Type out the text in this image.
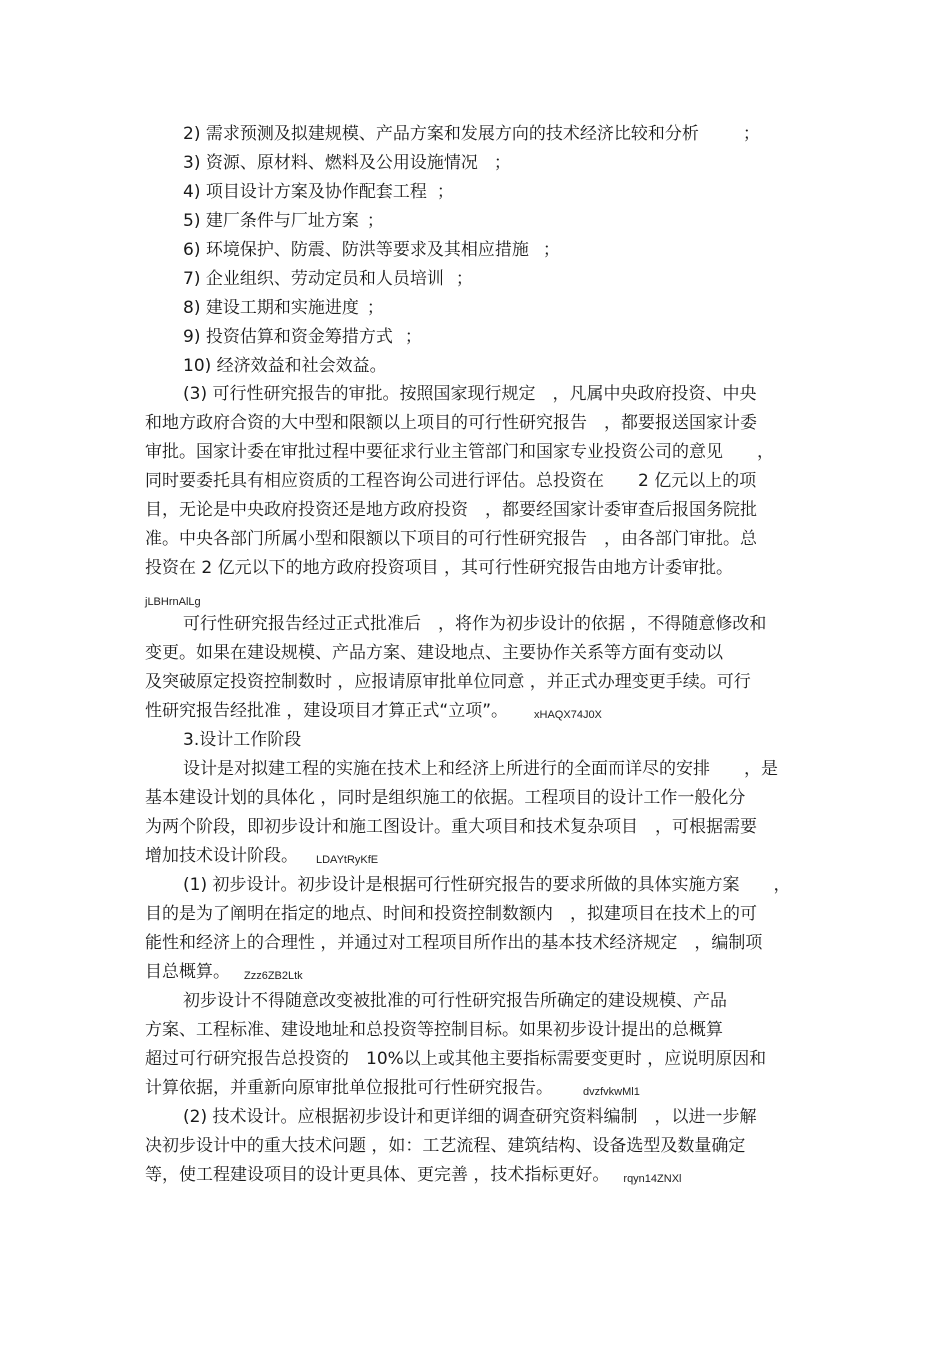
2) 需求预测及拟建规模、产品方案和发展方向的技术经济比较和分析	；
3) 资源、原材料、燃料及公用设施情况 ；
4) 项目设计方案及协作配套工程 ；
5) 建厂条件与厂址方案 ；
6) 环境保护、防震、防洪等要求及其相应措施 ；
7) 企业组织、劳动定员和人员培训 ；
8) 建设工期和实施进度 ；
9) 投资估算和资金筹措方式 ；
10) 经济效益和社会效益。
(3) 可行性研究报告的审批。按照国家现行规定　，凡属中央政府投资、中央
和地方政府合资的大中型和限额以上项目的可行性研究报告　，都要报送国家计委
审批。国家计委在审批过程中要征求行业主管部门和国家专业投资公司的意见　　，
同时要委托具有相应资质的工程咨询公司进行评估。总投资在　　2 亿元以上的项
目，无论是中央政府投资还是地方政府投资　，都要经国家计委审查后报国务院批
准。中央各部门所属小型和限额以下项目的可行性研究报告　，由各部门审批。总
投资在 2 亿元以下的地方政府投资项目 ，其可行性研究报告由地方计委审批。
jLBHrnAlLg
可行性研究报告经过正式批准后　，将作为初步设计的依据 ，不得随意修改和
变更。如果在建设规模、产品方案、建设地点、主要协作关系等方面有变动以
及突破原定投资控制数时 ，应报请原审批单位同意 ，并正式办理变更手续。可行
性研究报告经批准 ，建设项目才算正式“立项”。 xHAQX74J0X
3.设计工作阶段
设计是对拟建工程的实施在技术上和经济上所进行的全面而详尽的安排　　，是
基本建设计划的具体化 ，同时是组织施工的依据。工程项目的设计工作一般化分
为两个阶段，即初步设计和施工图设计。重大项目和技术复杂项目　，可根据需要
增加技术设计阶段。 LDAYtRyKfE
(1) 初步设计。初步设计是根据可行性研究报告的要求所做的具体实施方案　　，
目的是为了阐明在指定的地点、时间和投资控制数额内　，拟建项目在技术上的可
能性和经济上的合理性 ，并通过对工程项目所作出的基本技术经济规定　，编制项
目总概算。 Zzz6ZB2Ltk
初步设计不得随意改变被批准的可行性研究报告所确定的建设规模、产品
方案、工程标准、建设地址和总投资等控制目标。如果初步设计提出的总概算
超过可行研究报告总投资的　10%以上或其他主要指标需要变更时 ，应说明原因和
计算依据，并重新向原审批单位报批可行性研究报告。	dvzfvkwMl1
(2) 技术设计。应根据初步设计和更详细的调查研究资料编制　，以进一步解
决初步设计中的重大技术问题 ，如：工艺流程、建筑结构、设备选型及数量确定
等，使工程建设项目的设计更具体、更完善 ，技术指标更好。 rqyn14ZNXl
